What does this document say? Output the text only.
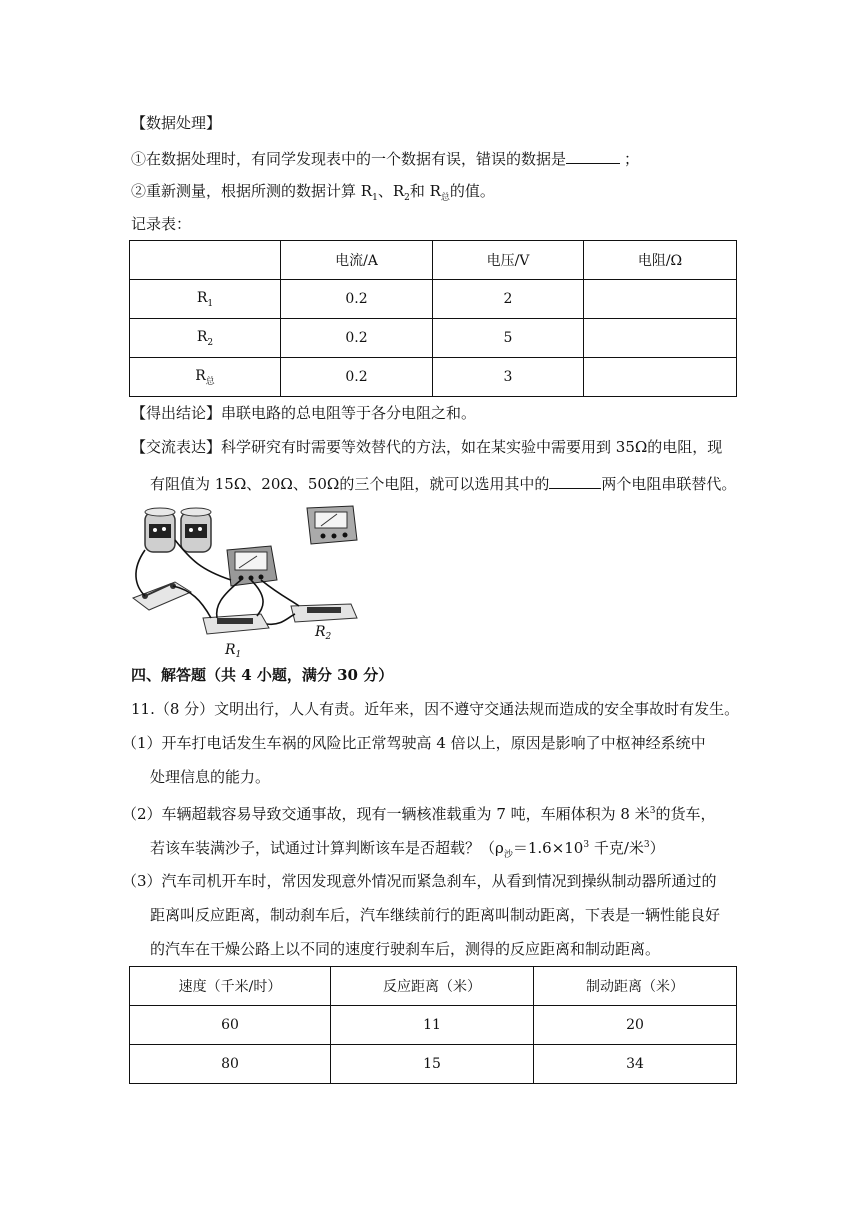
【数据处理】
①在数据处理时，有同学发现表中的一个数据有误，错误的数据是	；
②重新测量，根据所测的数据计算 $R_1$、$R_2$和 $R_总$的值。
记录表：
	电流/A	电压/V	电阻/Ω
$R_1$	0.2	2	
$R_2$	0.2	5	
$R_总$	0.2	3	
【得出结论】串联电路的总电阻等于各分电阻之和。
【交流表达】科学研究有时需要等效替代的方法，如在某实验中需要用到 35Ω的电阻，现
有阻值为 15Ω、20Ω、50Ω的三个电阻，就可以选用其中的	两个电阻串联替代。
$R_1$
$R_2$
四、解答题（共 4 小题，满分 30 分）
11.（8 分）文明出行，人人有责。近年来，因不遵守交通法规而造成的安全事故时有发生。
（1）开车打电话发生车祸的风险比正常驾驶高 4 倍以上，原因是影响了中枢神经系统中
处理信息的能力。
（2）车辆超载容易导致交通事故，现有一辆核准载重为 7 吨，车厢体积为 8 米$^3$的货车，
若该车装满沙子，试通过计算判断该车是否超载？（$\rho_沙=1.6\times 10^3$ 千克/米$^3$）
（3）汽车司机开车时，常因发现意外情况而紧急刹车，从看到情况到操纵制动器所通过的
距离叫反应距离，制动刹车后，汽车继续前行的距离叫制动距离，下表是一辆性能良好
的汽车在干燥公路上以不同的速度行驶刹车后，测得的反应距离和制动距离。
速度（千米/时）	反应距离（米）	制动距离（米）
60	11	20
80	15	34
